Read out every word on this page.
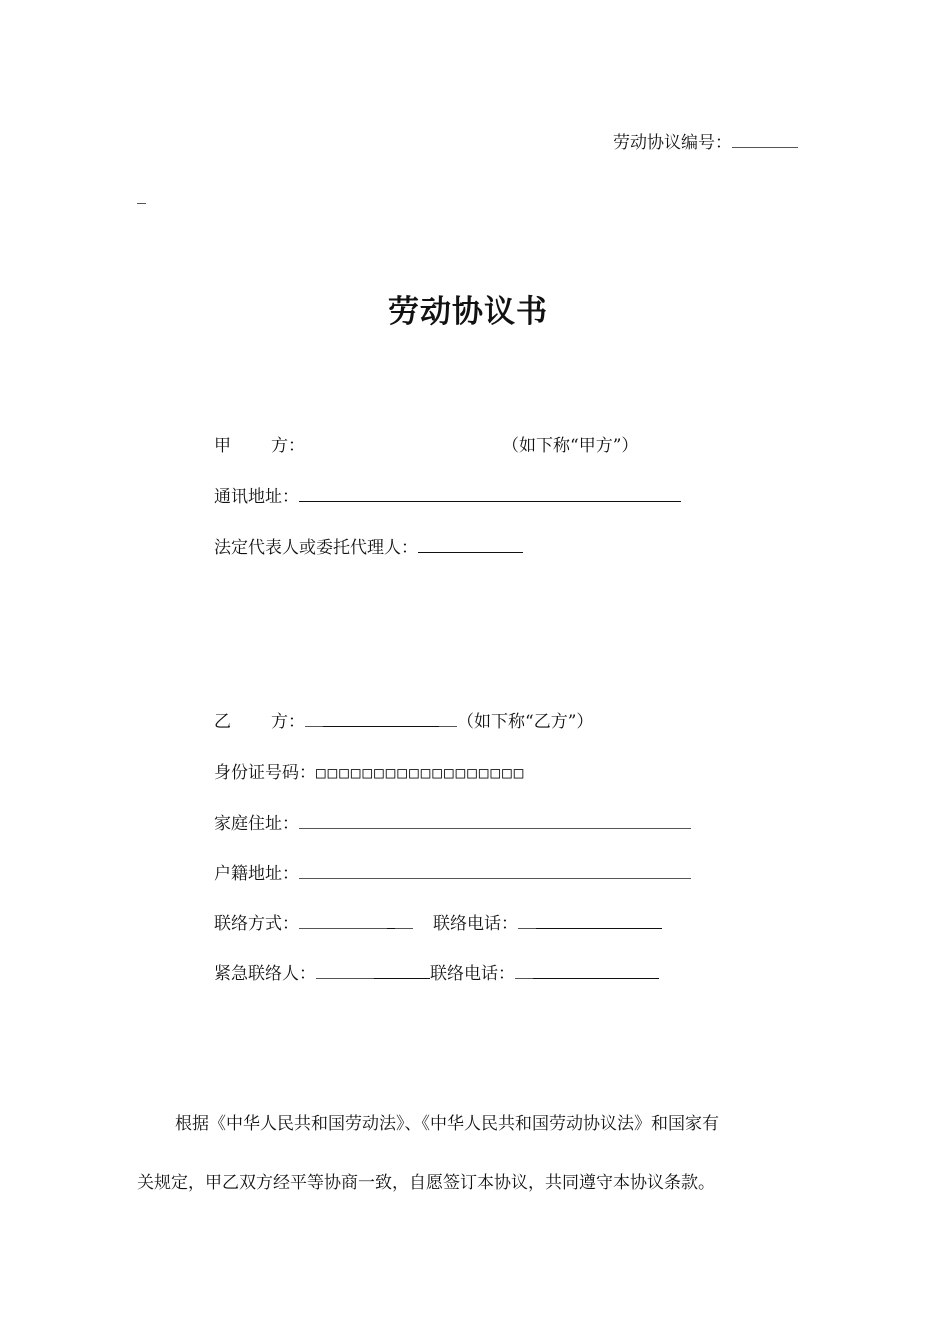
劳动协议编号：
劳动协议书
甲 方：	（如下称“甲方”）
通讯地址：
法定代表人或委托代理人：
乙 方：	（如下称“乙方”）
身份证号码：□□□□□□□□□□□□□□□□□□
家庭住址：
户籍地址：
联络方式：	联络电话：
紧急联络人：	联络电话：
根据《中华人民共和国劳动法》、《中华人民共和国劳动协议法》和国家有
关规定，甲乙双方经平等协商一致，自愿签订本协议，共同遵守本协议条款。
